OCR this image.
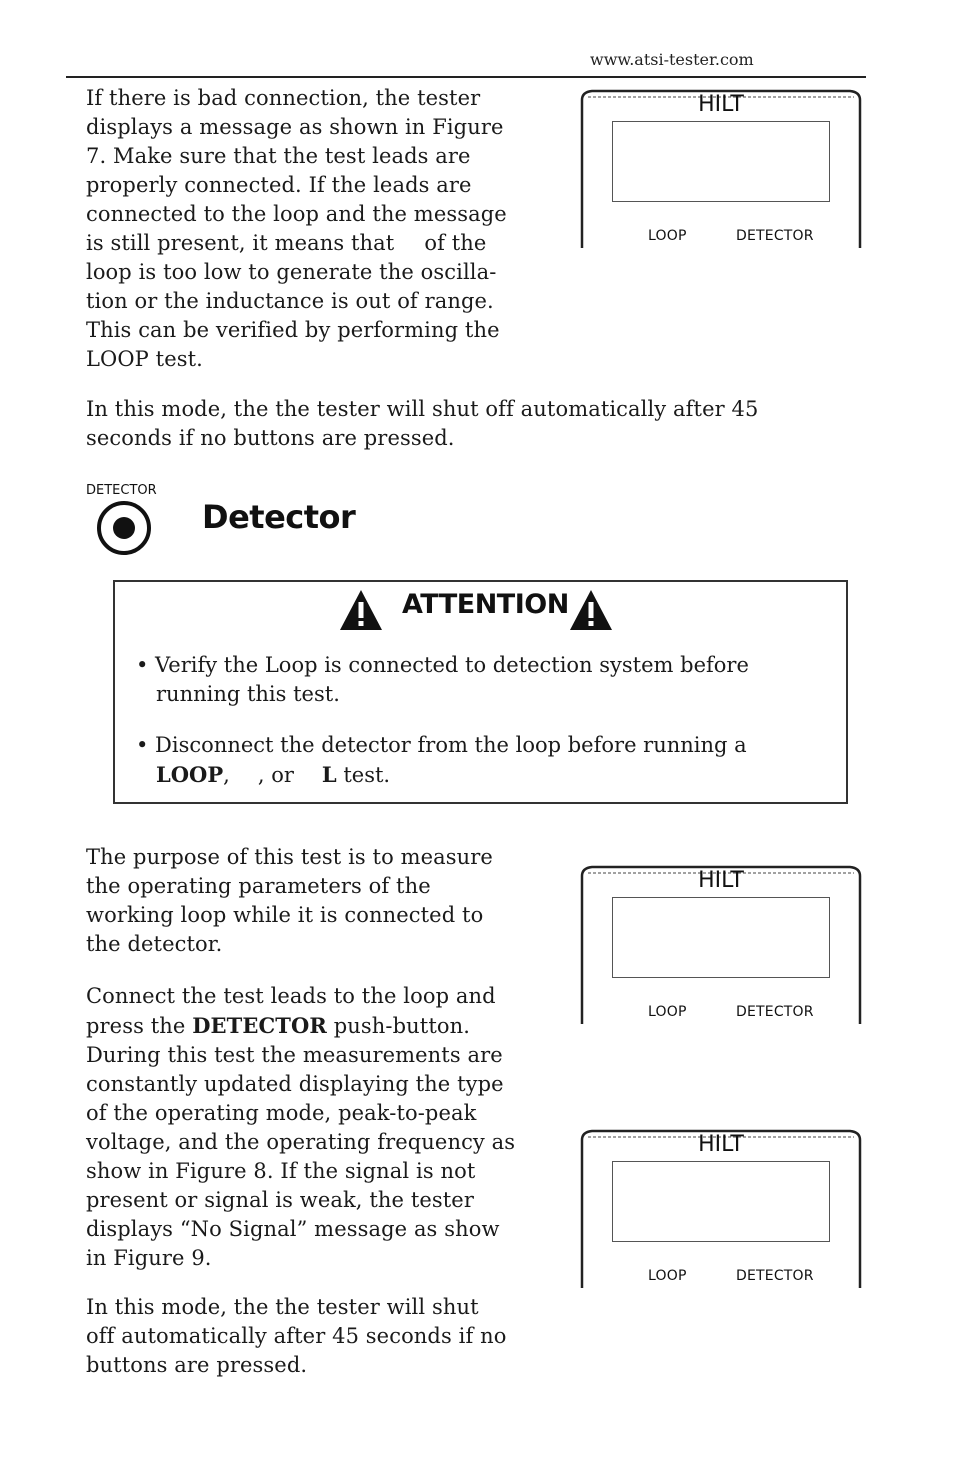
www.atsi-tester.com

If there is bad connection, the tester

displays a message as shown in Figure

7. Make sure that the test leads are

properly connected. If the leads are

connected to the loop and the message

is still present, it means that of the

loop is too low to generate the oscilla-

tion or the inductance is out of range.

This can be verified by performing the

LOOP test.

HILT
LOOP	DETECTOR

In this mode, the the tester will shut off automatically after 45

seconds if no buttons are pressed.

DETECTOR
Detector
ATTENTION
• Verify the Loop is connected to detection system before
running this test.
• Disconnect the detector from the loop before running a
LOOP, , or L test.

The purpose of this test is to measure

the operating parameters of the

working loop while it is connected to

the detector.

Connect the test leads to the loop and

press the DETECTOR push-button.

During this test the measurements are

constantly updated displaying the type

of the operating mode, peak-to-peak

voltage, and the operating frequency as

show in Figure 8. If the signal is not

present or signal is weak, the tester

displays “No Signal” message as show

in Figure 9.

In this mode, the the tester will shut

off automatically after 45 seconds if no

buttons are pressed.

HILT
LOOP	DETECTOR
HILT
LOOP	DETECTOR
